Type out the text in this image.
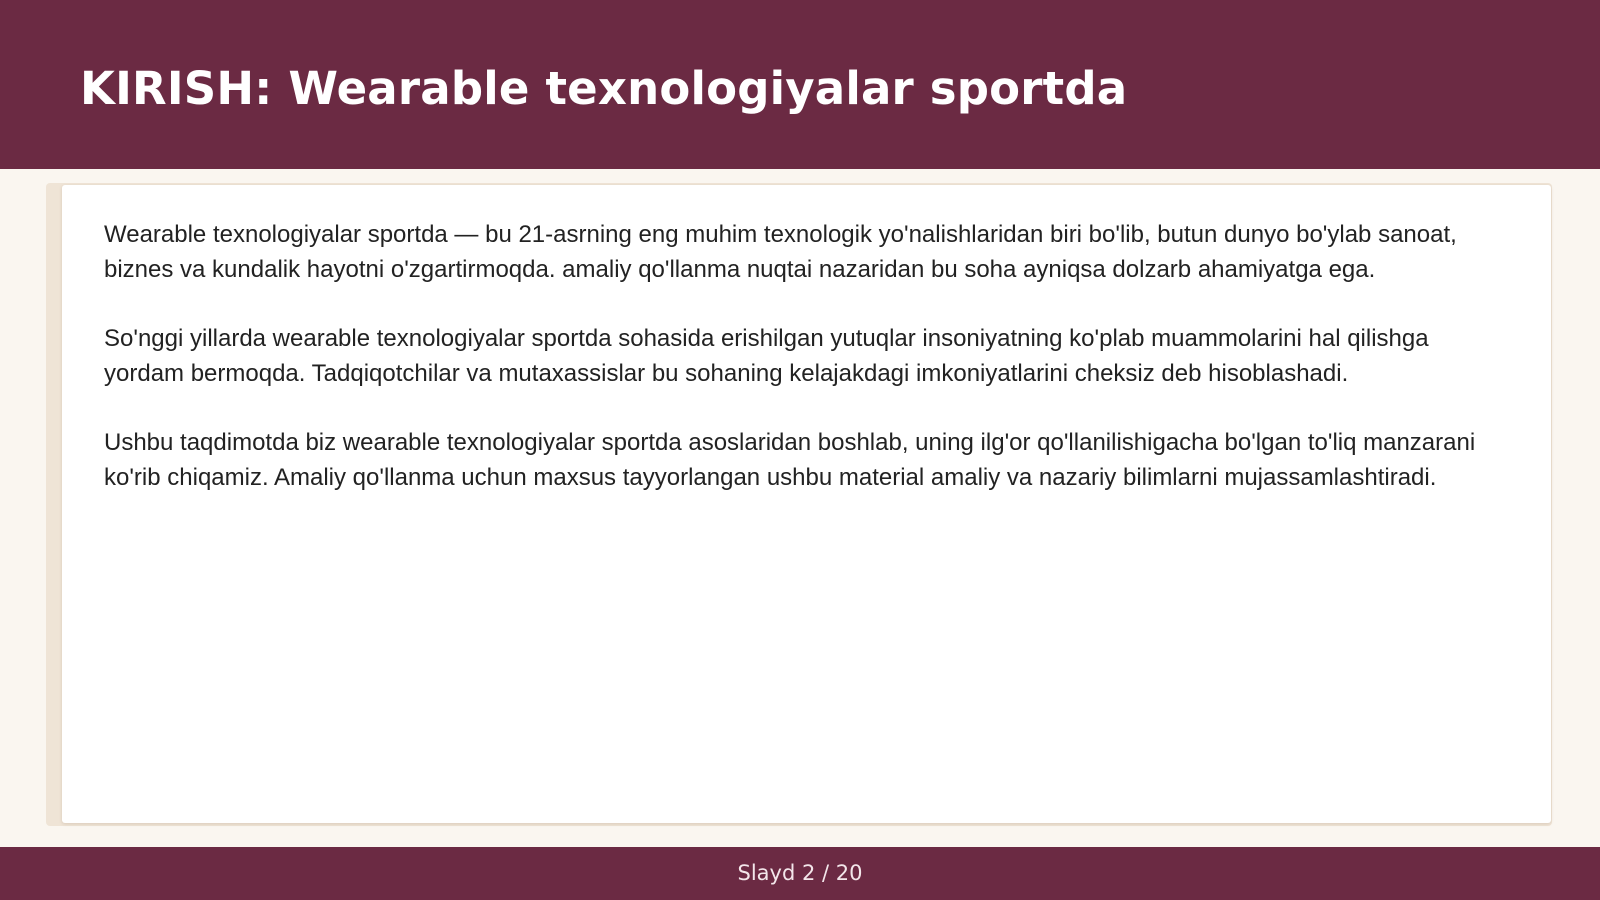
KIRISH: Wearable texnologiyalar sportda

Wearable texnologiyalar sportda — bu 21-asrning eng muhim texnologik yo'nalishlaridan biri bo'lib, butun dunyo bo'ylab sanoat, biznes va kundalik hayotni o'zgartirmoqda. amaliy qo'llanma nuqtai nazaridan bu soha ayniqsa dolzarb ahamiyatga ega.

So'nggi yillarda wearable texnologiyalar sportda sohasida erishilgan yutuqlar insoniyatning ko'plab muammolarini hal qilishga yordam bermoqda. Tadqiqotchilar va mutaxassislar bu sohaning kelajakdagi imkoniyatlarini cheksiz deb hisoblashadi.

Ushbu taqdimotda biz wearable texnologiyalar sportda asoslaridan boshlab, uning ilg'or qo'llanilishigacha bo'lgan to'liq manzarani ko'rib chiqamiz. Amaliy qo'llanma uchun maxsus tayyorlangan ushbu material amaliy va nazariy bilimlarni mujassamlashtiradi.

Slayd 2 / 20
